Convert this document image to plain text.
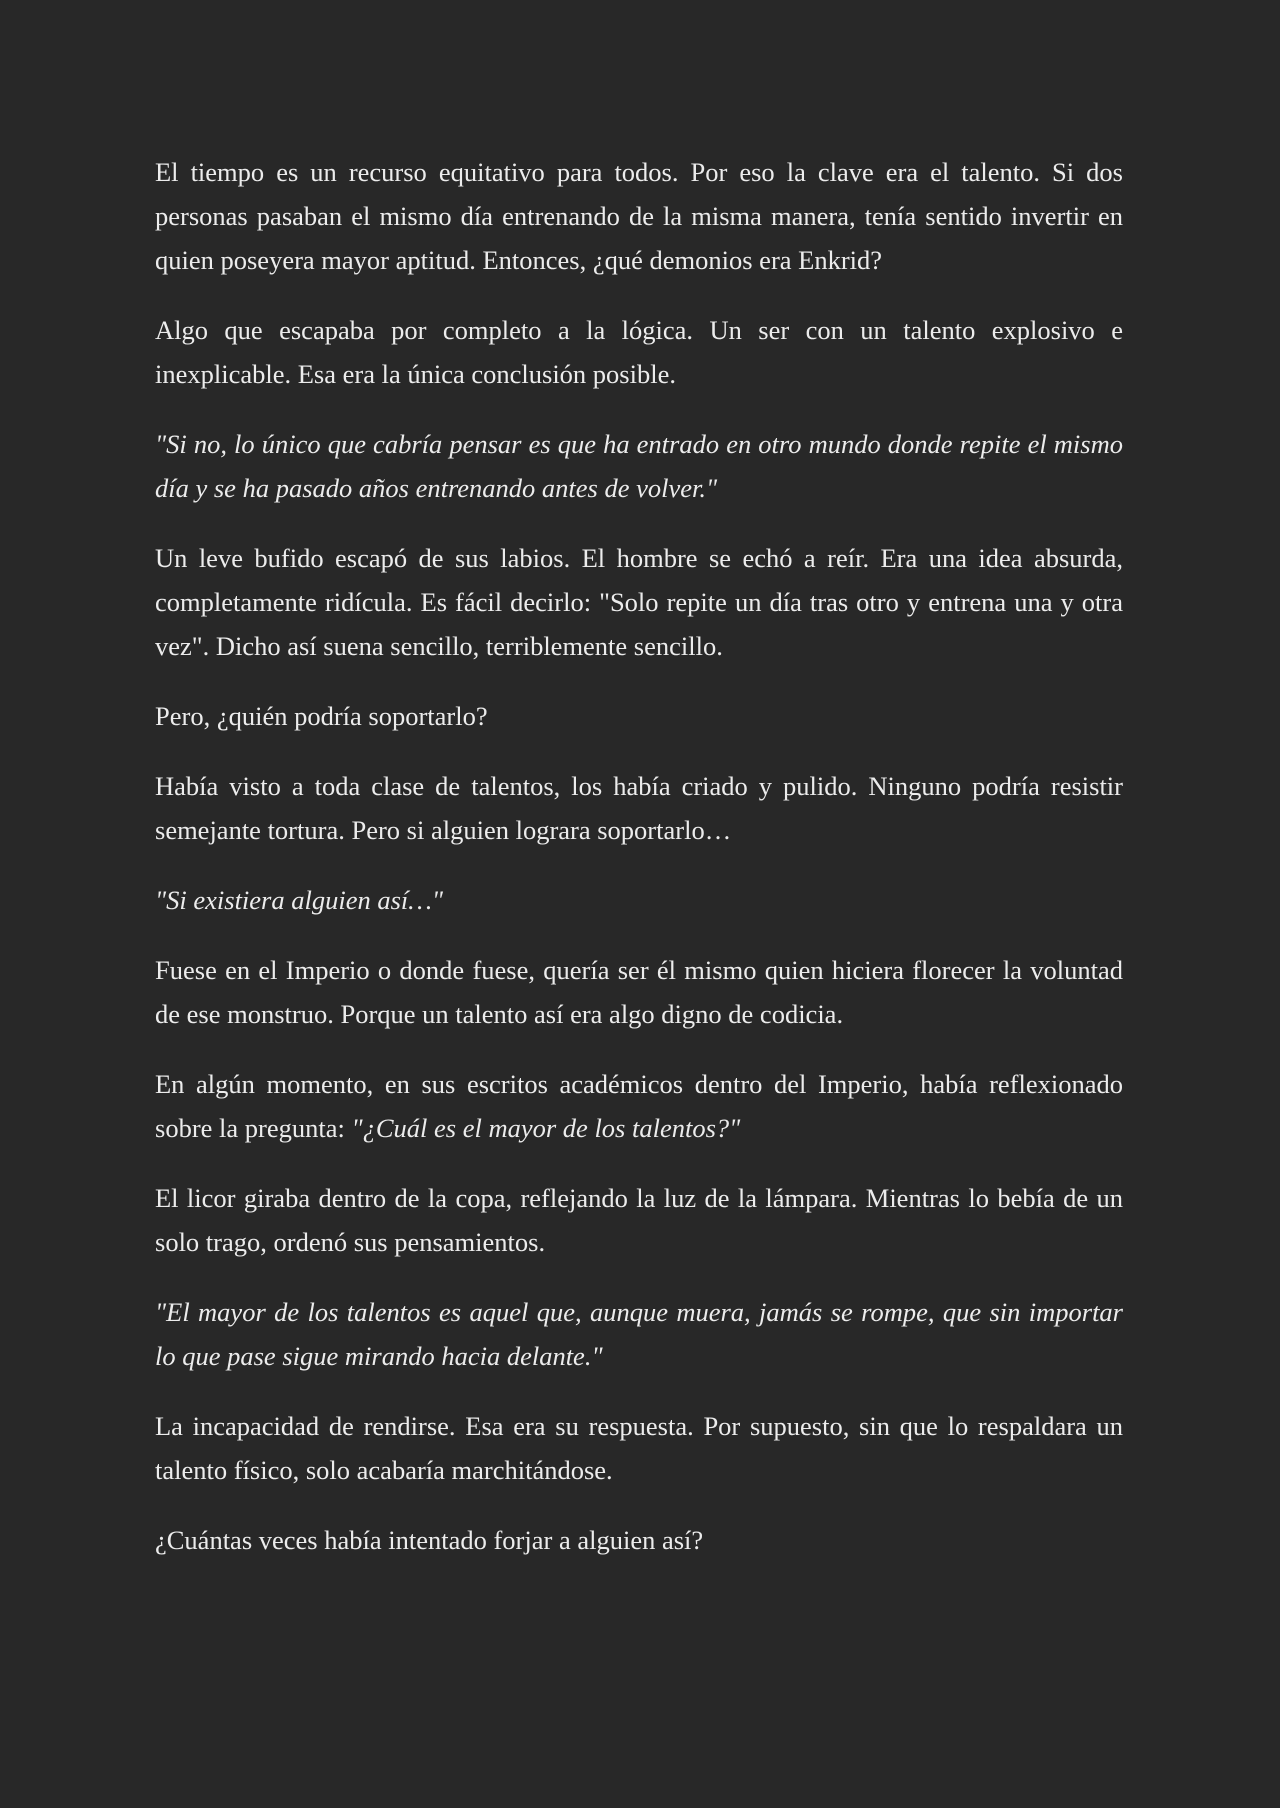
El tiempo es un recurso equitativo para todos. Por eso la clave era el talento. Si dos personas pasaban el mismo día entrenando de la misma manera, tenía sentido invertir en quien poseyera mayor aptitud. Entonces, ¿qué demonios era Enkrid?

Algo que escapaba por completo a la lógica. Un ser con un talento explosivo e inexplicable. Esa era la única conclusión posible.

"Si no, lo único que cabría pensar es que ha entrado en otro mundo donde repite el mismo día y se ha pasado años entrenando antes de volver."

Un leve bufido escapó de sus labios. El hombre se echó a reír. Era una idea absurda, completamente ridícula. Es fácil decirlo: "Solo repite un día tras otro y entrena una y otra vez". Dicho así suena sencillo, terriblemente sencillo.

Pero, ¿quién podría soportarlo?

Había visto a toda clase de talentos, los había criado y pulido. Ninguno podría resistir semejante tortura. Pero si alguien lograra soportarlo…

"Si existiera alguien así…"

Fuese en el Imperio o donde fuese, quería ser él mismo quien hiciera florecer la voluntad de ese monstruo. Porque un talento así era algo digno de codicia.

En algún momento, en sus escritos académicos dentro del Imperio, había reflexionado sobre la pregunta: "¿Cuál es el mayor de los talentos?"

El licor giraba dentro de la copa, reflejando la luz de la lámpara. Mientras lo bebía de un solo trago, ordenó sus pensamientos.

"El mayor de los talentos es aquel que, aunque muera, jamás se rompe, que sin importar lo que pase sigue mirando hacia delante."

La incapacidad de rendirse. Esa era su respuesta. Por supuesto, sin que lo respaldara un talento físico, solo acabaría marchitándose.

¿Cuántas veces había intentado forjar a alguien así?
